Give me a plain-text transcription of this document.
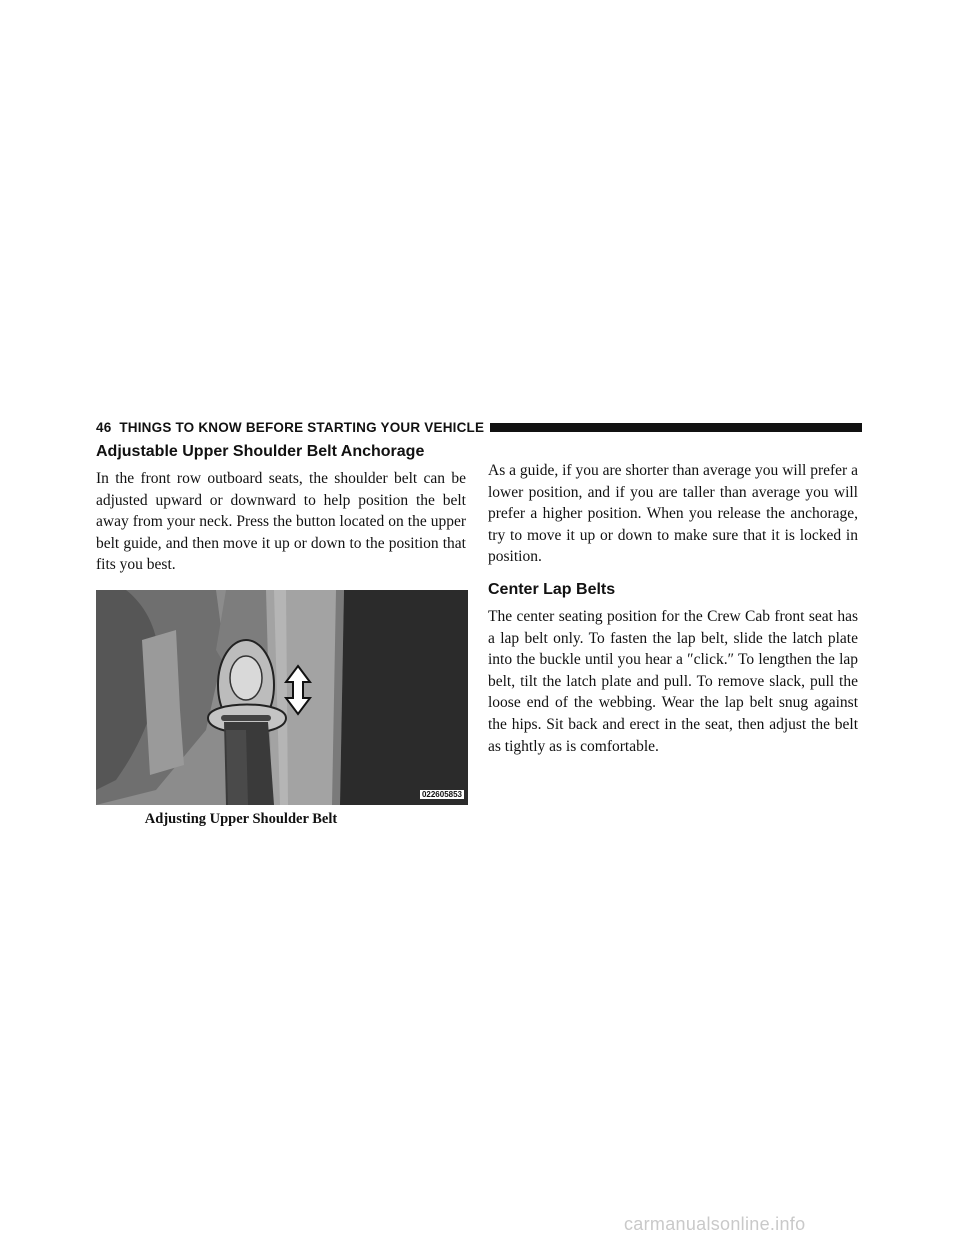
46 THINGS TO KNOW BEFORE STARTING YOUR VEHICLE
Adjustable Upper Shoulder Belt Anchorage

In the front row outboard seats, the shoulder belt can be adjusted upward or downward to help position the belt away from your neck. Press the button located on the upper belt guide, and then move it up or down to the position that fits you best.

022605853
Adjusting Upper Shoulder Belt

As a guide, if you are shorter than average you will prefer a lower position, and if you are taller than average you will prefer a higher position. When you release the anchorage, try to move it up or down to make sure that it is locked in position.

Center Lap Belts

The center seating position for the Crew Cab front seat has a lap belt only. To fasten the lap belt, slide the latch plate into the buckle until you hear a ″click.″ To lengthen the lap belt, tilt the latch plate and pull. To remove slack, pull the loose end of the webbing. Wear the lap belt snug against the hips. Sit back and erect in the seat, then adjust the belt as tightly as is comfortable.

carmanualsonline.info
